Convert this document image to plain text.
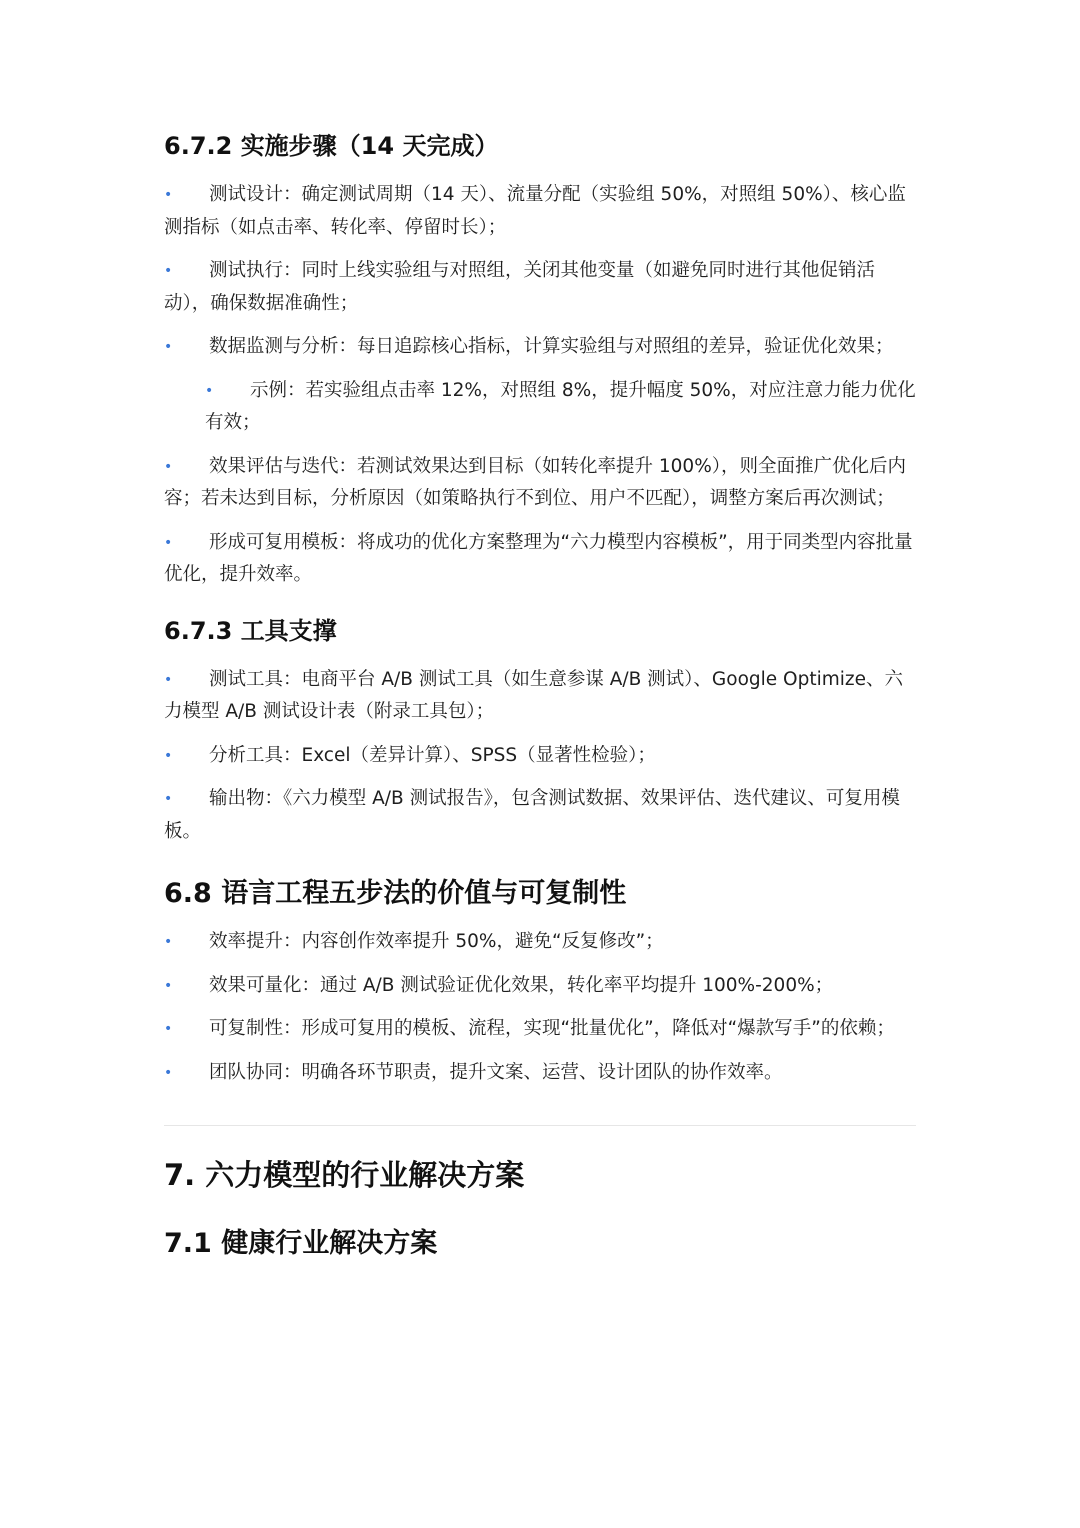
6.7.2 实施步骤（14 天完成）
• 测试设计：确定测试周期（14 天）、流量分配（实验组 50%，对照组 50%）、核心监测指标（如点击率、转化率、停留时长）；
• 测试执行：同时上线实验组与对照组，关闭其他变量（如避免同时进行其他促销活动），确保数据准确性；
• 数据监测与分析：每日追踪核心指标，计算实验组与对照组的差异，验证优化效果；
• 示例：若实验组点击率 12%，对照组 8%，提升幅度 50%，对应注意力能力优化有效；
• 效果评估与迭代：若测试效果达到目标（如转化率提升 100%），则全面推广优化后内容；若未达到目标，分析原因（如策略执行不到位、用户不匹配），调整方案后再次测试；
• 形成可复用模板：将成功的优化方案整理为“六力模型内容模板”，用于同类型内容批量优化，提升效率。
6.7.3 工具支撑
• 测试工具：电商平台 A/B 测试工具（如生意参谋 A/B 测试）、Google Optimize、六力模型 A/B 测试设计表（附录工具包）；
• 分析工具：Excel（差异计算）、SPSS（显著性检验）；
• 输出物：《六力模型 A/B 测试报告》，包含测试数据、效果评估、迭代建议、可复用模板。
6.8 语言工程五步法的价值与可复制性
• 效率提升：内容创作效率提升 50%，避免“反复修改”；
• 效果可量化：通过 A/B 测试验证优化效果，转化率平均提升 100%-200%；
• 可复制性：形成可复用的模板、流程，实现“批量优化”，降低对“爆款写手”的依赖；
• 团队协同：明确各环节职责，提升文案、运营、设计团队的协作效率。
7. 六力模型的行业解决方案
7.1 健康行业解决方案
